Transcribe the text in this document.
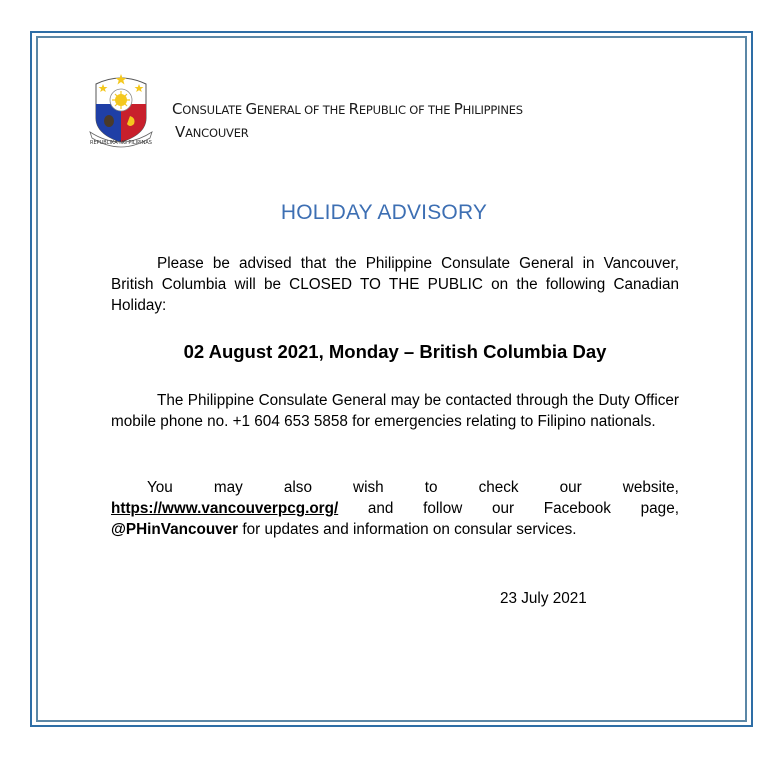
REPUBLIKA NG PILIPINAS
CONSULATE GENERAL OF THE REPUBLIC OF THE PHILIPPINES
VANCOUVER
HOLIDAY ADVISORY
Please be advised that the Philippine Consulate General in Vancouver, British Columbia will be CLOSED TO THE PUBLIC on the following Canadian Holiday:
02 August 2021, Monday – British Columbia Day
The Philippine Consulate General may be contacted through the Duty Officer mobile phone no. +1 604 653 5858 for emergencies relating to Filipino nationals.
You	may	also	wish	to	check	our	website,
https://www.vancouverpcg.org/ and follow our Facebook page,
@PHinVancouver for updates and information on consular services.
23 July 2021
